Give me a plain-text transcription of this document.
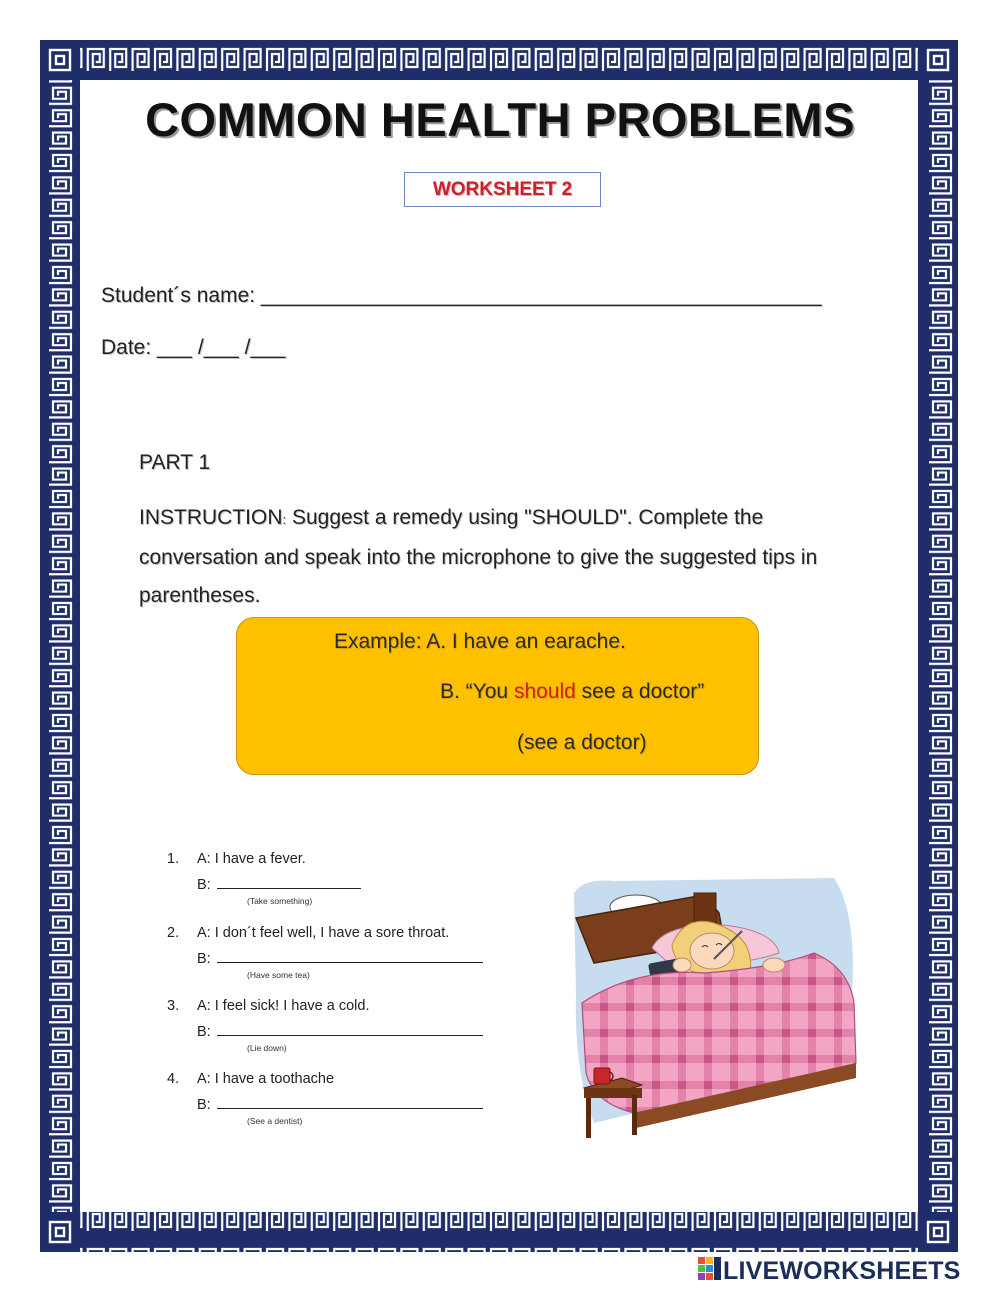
COMMON HEALTH PROBLEMS
WORKSHEET 2
Student´s name: ________________________________________________
Date: ___ /___ /___
PART 1
INSTRUCTION: Suggest a remedy using "SHOULD". Complete the conversation and speak into the microphone to give the suggested tips in parentheses.
Example: A. I have an earache.
B. “You should see a doctor”
(see a doctor)
1. A: I have a fever.
B:
(Take something)
2. A: I don´t feel well, I have a sore throat.
B:
(Have some tea)
3. A: I feel sick! I have a cold.
B:
(Lie down)
4. A: I have a toothache
B:
(See a dentist)
LIVEWORKSHEETS
